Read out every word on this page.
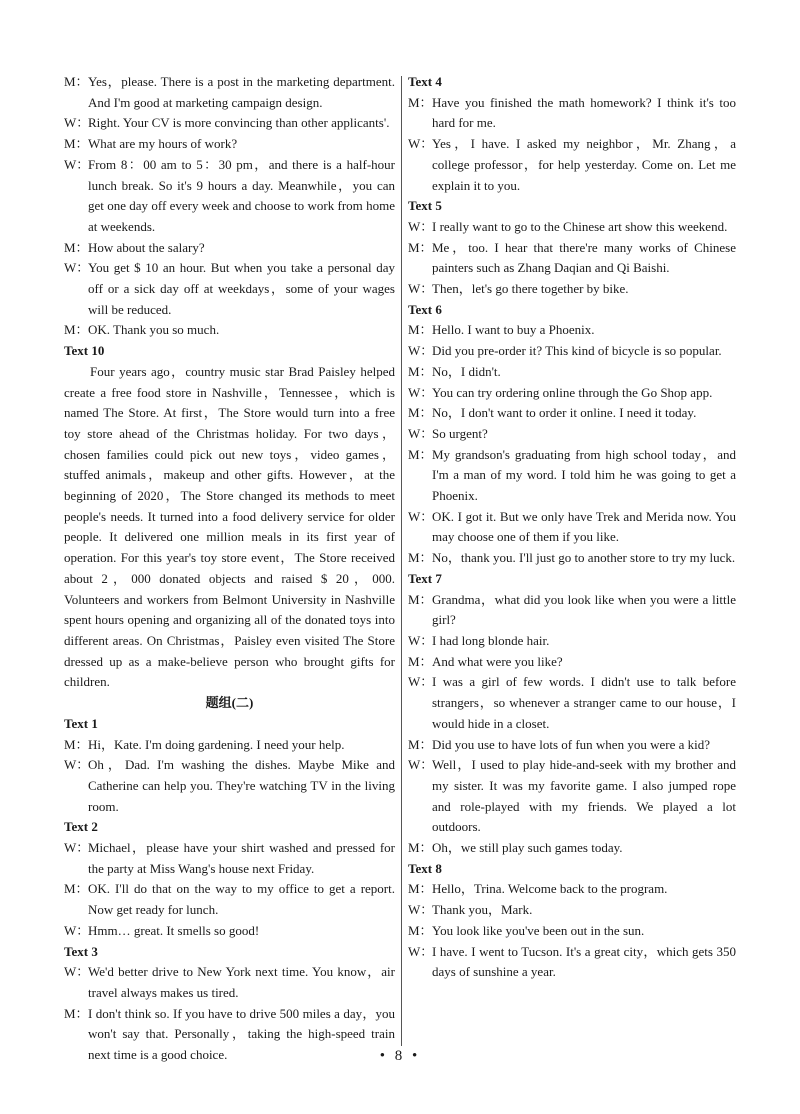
M：Yes，please. There is a post in the marketing department. And I'm good at marketing campaign design.
W：Right. Your CV is more convincing than other applicants'.
M：What are my hours of work?
W：From 8：00 am to 5：30 pm，and there is a half-hour lunch break. So it's 9 hours a day. Meanwhile，you can get one day off every week and choose to work from home at weekends.
M：How about the salary?
W：You get $ 10 an hour. But when you take a personal day off or a sick day off at weekdays，some of your wages will be reduced.
M：OK. Thank you so much.
Text 10
Four years ago，country music star Brad Paisley helped create a free food store in Nashville，Tennessee，which is named The Store. At first，The Store would turn into a free toy store ahead of the Christmas holiday. For two days，chosen families could pick out new toys，video games，stuffed animals，makeup and other gifts. However，at the beginning of 2020，The Store changed its methods to meet people's needs. It turned into a food delivery service for older people. It delivered one million meals in its first year of operation. For this year's toy store event，The Store received about 2，000 donated objects and raised $ 20，000. Volunteers and workers from Belmont University in Nashville spent hours opening and organizing all of the donated toys into different areas. On Christmas，Paisley even visited The Store dressed up as a make-believe person who brought gifts for children.
题组(二)
Text 1
M：Hi，Kate. I'm doing gardening. I need your help.
W：Oh，Dad. I'm washing the dishes. Maybe Mike and Catherine can help you. They're watching TV in the living room.
Text 2
W：Michael，please have your shirt washed and pressed for the party at Miss Wang's house next Friday.
M：OK. I'll do that on the way to my office to get a report. Now get ready for lunch.
W：Hmm… great. It smells so good!
Text 3
W：We'd better drive to New York next time. You know，air travel always makes us tired.
M：I don't think so. If you have to drive 500 miles a day，you won't say that. Personally，taking the high-speed train next time is a good choice.
Text 4
M：Have you finished the math homework? I think it's too hard for me.
W：Yes，I have. I asked my neighbor，Mr. Zhang，a college professor，for help yesterday. Come on. Let me explain it to you.
Text 5
W：I really want to go to the Chinese art show this weekend.
M：Me，too. I hear that there're many works of Chinese painters such as Zhang Daqian and Qi Baishi.
W：Then，let's go there together by bike.
Text 6
M：Hello. I want to buy a Phoenix.
W：Did you pre-order it? This kind of bicycle is so popular.
M：No，I didn't.
W：You can try ordering online through the Go Shop app.
M：No，I don't want to order it online. I need it today.
W：So urgent?
M：My grandson's graduating from high school today，and I'm a man of my word. I told him he was going to get a Phoenix.
W：OK. I got it. But we only have Trek and Merida now. You may choose one of them if you like.
M：No，thank you. I'll just go to another store to try my luck.
Text 7
M：Grandma，what did you look like when you were a little girl?
W：I had long blonde hair.
M：And what were you like?
W：I was a girl of few words. I didn't use to talk before strangers，so whenever a stranger came to our house，I would hide in a closet.
M：Did you use to have lots of fun when you were a kid?
W：Well，I used to play hide-and-seek with my brother and my sister. It was my favorite game. I also jumped rope and role-played with my friends. We played a lot outdoors.
M：Oh，we still play such games today.
Text 8
M：Hello，Trina. Welcome back to the program.
W：Thank you，Mark.
M：You look like you've been out in the sun.
W：I have. I went to Tucson. It's a great city，which gets 350 days of sunshine a year.
• 8 •
